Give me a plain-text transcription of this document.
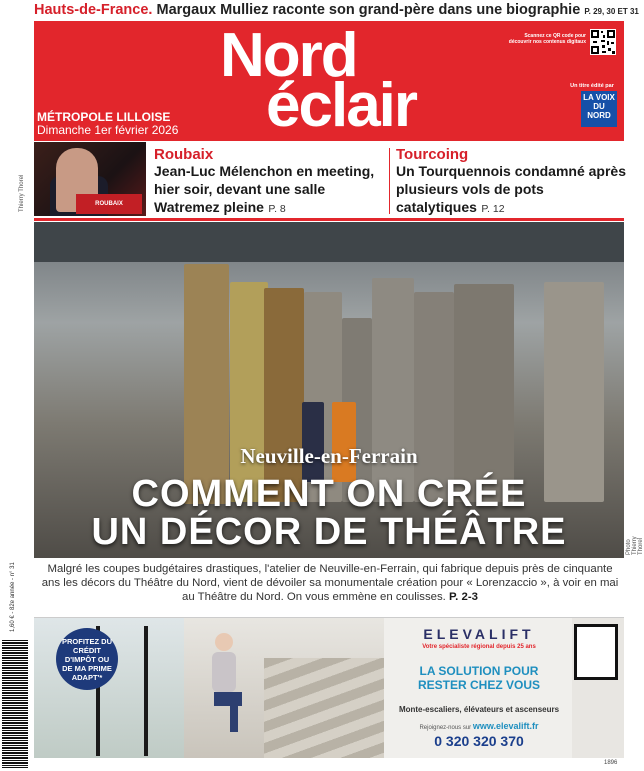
Hauts-de-France. Margaux Mulliez raconte son grand-père dans une biographie P. 29, 30 ET 31
Nord
éclair
MÉTROPOLE LILLOISE
Dimanche 1er février 2026
Scannez ce QR code pour découvrir nos contenus digitaux
Un titre édité par
LA VOIX DU NORD
ROUBAIX
Thierry Thorel
Roubaix
Jean-Luc Mélenchon en meeting, hier soir, devant une salle Watremez pleine P. 8
Tourcoing
Un Tourquennois condamné après plusieurs vols de pots catalytiques P. 12
Neuville-en-Ferrain
COMMENT ON CRÉE
UN DÉCOR DE THÉÂTRE	Photo Thierry Thorel
Malgré les coupes budgétaires drastiques, l'atelier de Neuville-en-Ferrain, qui fabrique depuis près de cinquante ans les décors du Théâtre du Nord, vient de dévoiler sa monumentale création pour « Lorenzaccio », à voir en mai au Théâtre du Nord. On vous emmène en coulisses. P. 2-3
1,60 € - 82e année - n° 31
PROFITEZ DU CRÉDIT D'IMPÔT OU DE MA PRIME ADAPT'*
ELEVALIFT
Votre spécialiste régional depuis 25 ans
LA SOLUTION POUR
RESTER CHEZ VOUS
Monte-escaliers, élévateurs et ascenseurs
Rejoignez-nous sur www.elevalift.fr
0 320 320 370
1896
